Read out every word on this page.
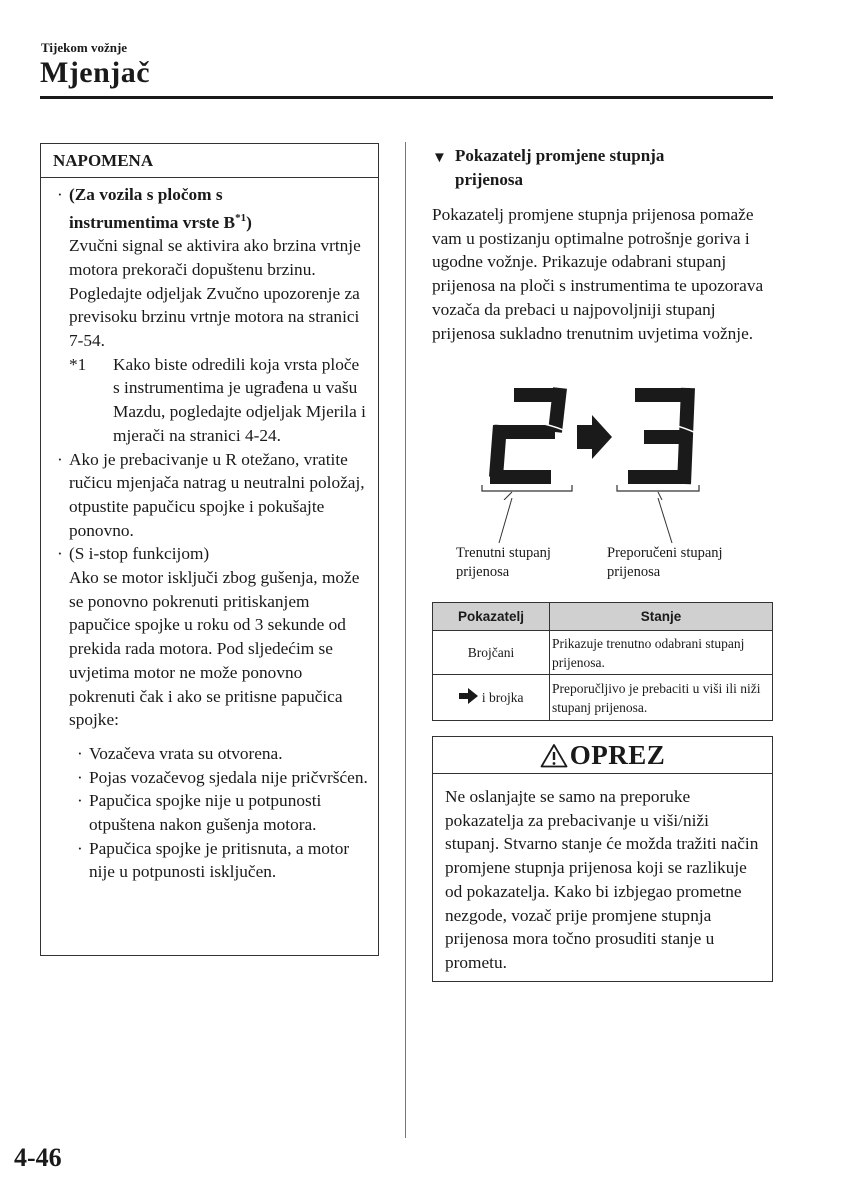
Tijekom vožnje
Mjenjač
NAPOMENA
· (Za vozila s pločom s
instrumentima vrste $B^{*1}$)
Zvučni signal se aktivira ako brzina vrtnje motora prekorači dopuštenu brzinu.
Pogledajte odjeljak Zvučno upozorenje za previsoku brzinu vrtnje motora na stranici 7-54.
*1 Kako biste odredili koja vrsta ploče s instrumentima je ugrađena u vašu Mazdu, pogledajte odjeljak Mjerila i mjerači na stranici 4-24.
· Ako je prebacivanje u R otežano, vratite ručicu mjenjača natrag u neutralni položaj, otpustite papučicu spojke i pokušajte ponovno.
· (S i-stop funkcijom)
Ako se motor isključi zbog gušenja, može se ponovno pokrenuti pritiskanjem papučice spojke u roku od 3 sekunde od prekida rada motora. Pod sljedećim se uvjetima motor ne može ponovno pokrenuti čak i ako se pritisne papučica spojke:
· Vozačeva vrata su otvorena.
· Pojas vozačevog sjedala nije pričvršćen.
· Papučica spojke nije u potpunosti otpuštena nakon gušenja motora.
· Papučica spojke je pritisnuta, a motor nije u potpunosti isključen.
▼ Pokazatelj promjene stupnja
prijenosa
Pokazatelj promjene stupnja prijenosa pomaže vam u postizanju optimalne potrošnje goriva i ugodne vožnje. Prikazuje odabrani stupanj prijenosa na ploči s instrumentima te upozorava vozača da prebaci u najpovoljniji stupanj prijenosa sukladno trenutnim uvjetima vožnje.
Trenutni stupanj
prijenosa
Preporučeni stupanj
prijenosa
Pokazatelj	Stanje
Brojčani	Prikazuje trenutno odabrani stupanj prijenosa.
i brojka	Preporučljivo je prebaciti u viši ili niži stupanj prijenosa.
OPREZ
Ne oslanjajte se samo na preporuke pokazatelja za prebacivanje u viši/niži stupanj. Stvarno stanje će možda tražiti način promjene stupnja prijenosa koji se razlikuje od pokazatelja. Kako bi izbjegao prometne nezgode, vozač prije promjene stupnja prijenosa mora točno prosuditi stanje u prometu.
4-46
